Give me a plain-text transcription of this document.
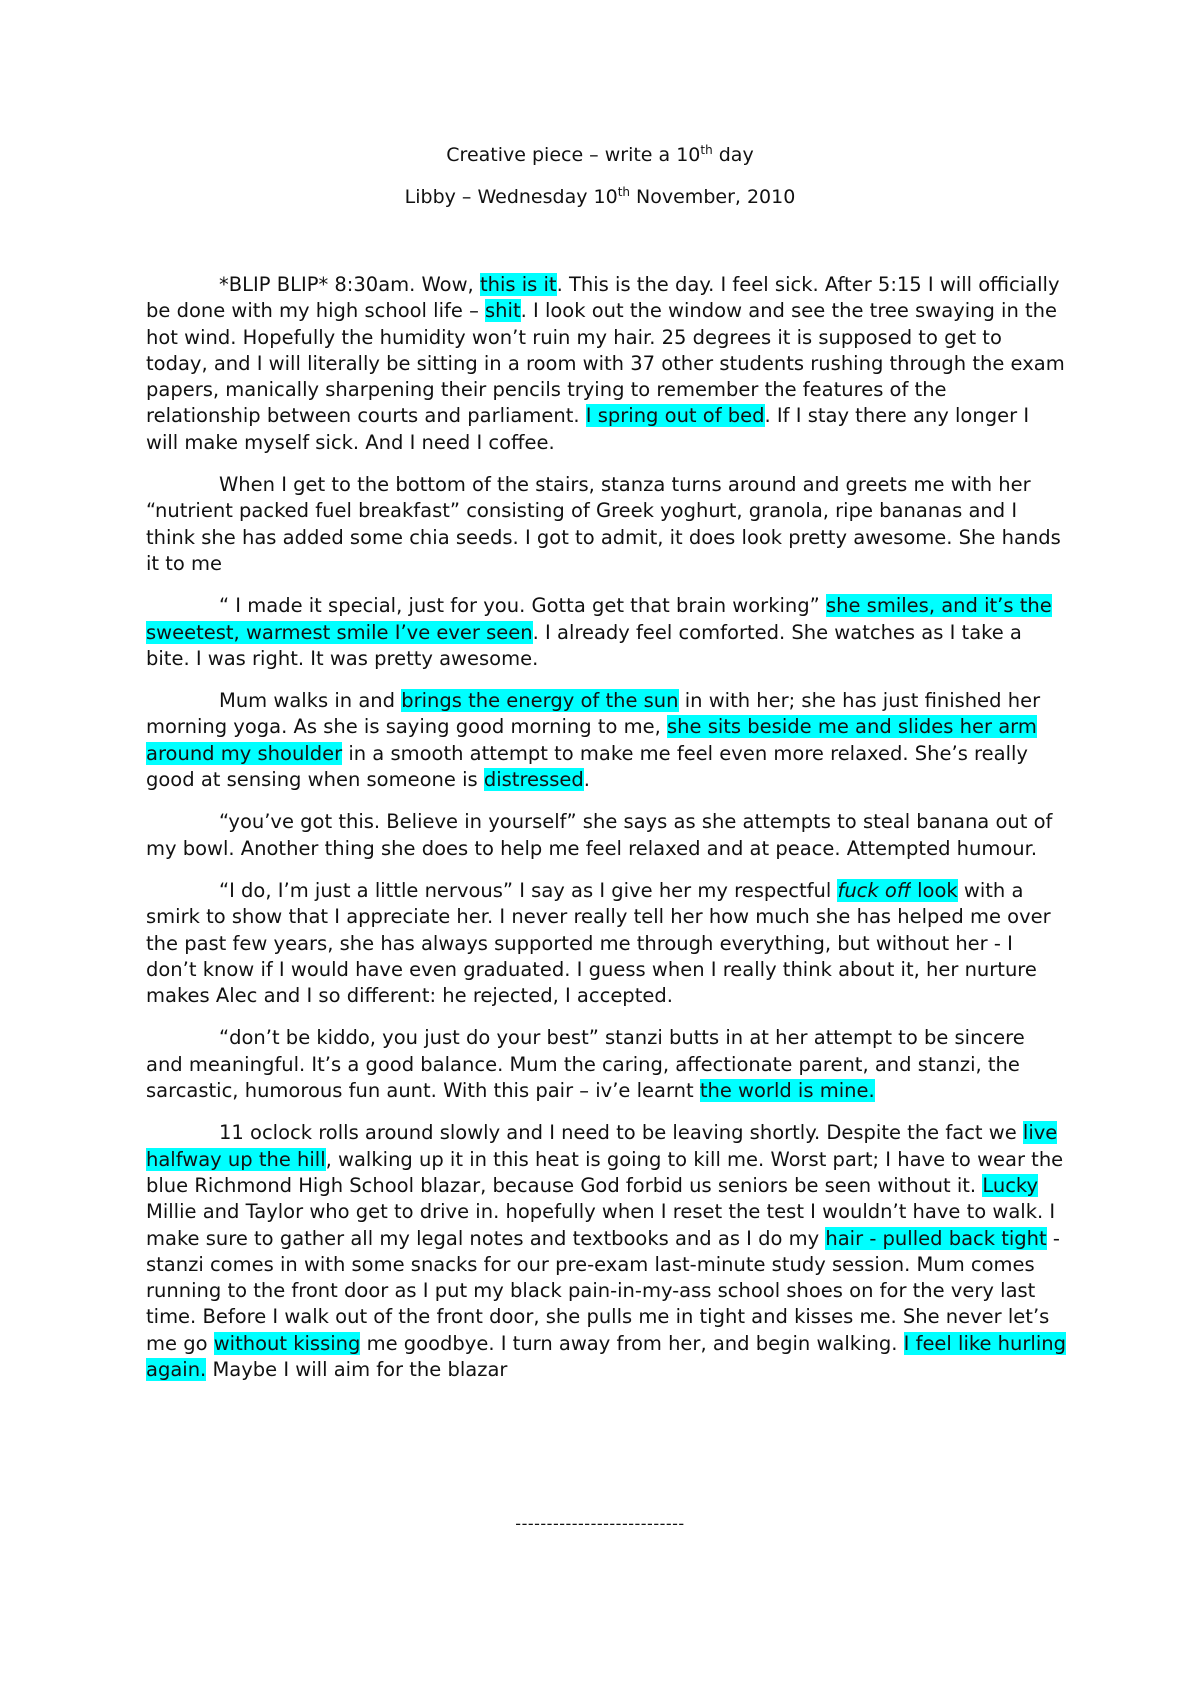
Creative piece – write a 10th day
Libby – Wednesday 10th November, 2010

*BLIP BLIP* 8:30am. Wow, this is it. This is the day. I feel sick. After 5:15 I will officially be done with my high school life – shit. I look out the window and see the tree swaying in the hot wind. Hopefully the humidity won’t ruin my hair. 25 degrees it is supposed to get to today, and I will literally be sitting in a room with 37 other students rushing through the exam papers, manically sharpening their pencils trying to remember the features of the relationship between courts and parliament. I spring out of bed. If I stay there any longer I will make myself sick. And I need I coffee.

When I get to the bottom of the stairs, stanza turns around and greets me with her “nutrient packed fuel breakfast” consisting of Greek yoghurt, granola, ripe bananas and I think she has added some chia seeds. I got to admit, it does look pretty awesome. She hands it to me

“ I made it special, just for you. Gotta get that brain working” she smiles, and it’s the sweetest, warmest smile I’ve ever seen. I already feel comforted. She watches as I take a bite. I was right. It was pretty awesome.

Mum walks in and brings the energy of the sun in with her; she has just finished her morning yoga. As she is saying good morning to me, she sits beside me and slides her arm around my shoulder in a smooth attempt to make me feel even more relaxed. She’s really good at sensing when someone is distressed.

“you’ve got this. Believe in yourself” she says as she attempts to steal banana out of my bowl. Another thing she does to help me feel relaxed and at peace. Attempted humour.

“I do, I’m just a little nervous” I say as I give her my respectful fuck off look with a smirk to show that I appreciate her. I never really tell her how much she has helped me over the past few years, she has always supported me through everything, but without her - I don’t know if I would have even graduated. I guess when I really think about it, her nurture makes Alec and I so different: he rejected, I accepted.

“don’t be kiddo, you just do your best” stanzi butts in at her attempt to be sincere and meaningful. It’s a good balance. Mum the caring, affectionate parent, and stanzi, the sarcastic, humorous fun aunt. With this pair – iv’e learnt the world is mine.

11 oclock rolls around slowly and I need to be leaving shortly. Despite the fact we live halfway up the hill, walking up it in this heat is going to kill me. Worst part; I have to wear the blue Richmond High School blazar, because God forbid us seniors be seen without it. Lucky Millie and Taylor who get to drive in. hopefully when I reset the test I wouldn’t have to walk. I make sure to gather all my legal notes and textbooks and as I do my hair - pulled back tight -stanzi comes in with some snacks for our pre-exam last-minute study session. Mum comes running to the front door as I put my black pain-in-my-ass school shoes on for the very last time. Before I walk out of the front door, she pulls me in tight and kisses me. She never let’s me go without kissing me goodbye. I turn away from her, and begin walking. I feel like hurling again. Maybe I will aim for the blazar

---------------------------
